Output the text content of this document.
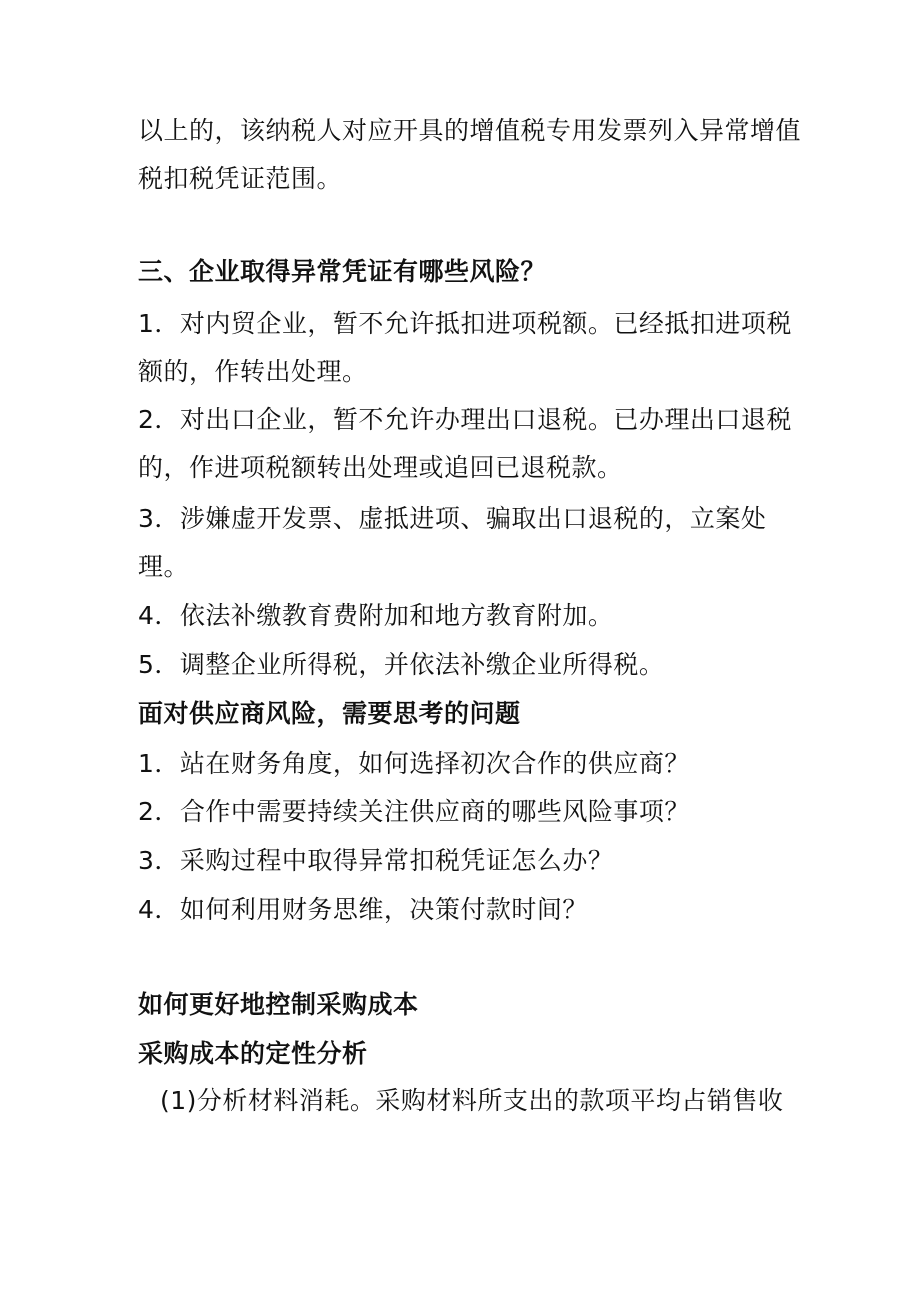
以上的，该纳税人对应开具的增值税专用发票列入异常增值
税扣税凭证范围。
三、企业取得异常凭证有哪些风险？
1．对内贸企业，暂不允许抵扣进项税额。已经抵扣进项税
额的，作转出处理。
2．对出口企业，暂不允许办理出口退税。已办理出口退税
的，作进项税额转出处理或追回已退税款。
3．涉嫌虚开发票、虚抵进项、骗取出口退税的，立案处
理。
4．依法补缴教育费附加和地方教育附加。
5．调整企业所得税，并依法补缴企业所得税。
面对供应商风险，需要思考的问题
1．站在财务角度，如何选择初次合作的供应商？
2．合作中需要持续关注供应商的哪些风险事项？
3．采购过程中取得异常扣税凭证怎么办？
4．如何利用财务思维，决策付款时间？
如何更好地控制采购成本
采购成本的定性分析
(1)分析材料消耗。采购材料所支出的款项平均占销售收
